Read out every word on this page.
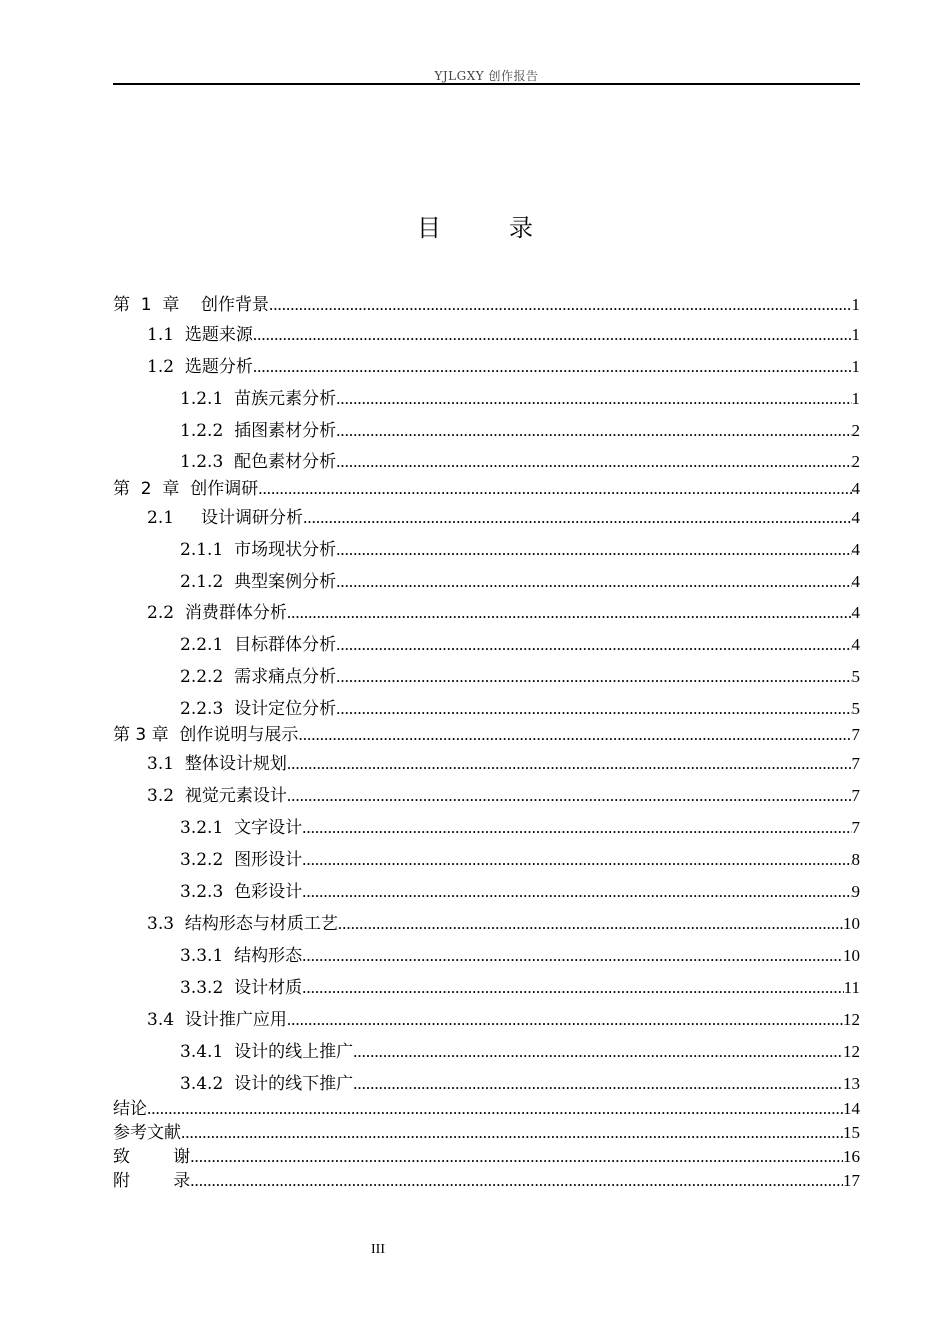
YJLGXY 创作报告
目　录
第  1  章    创作背景 .....	1
1.1  选题来源 .....	1
1.2  选题分析 .....	1
1.2.1  苗族元素分析 .....	1
1.2.2  插图素材分析 .....	2
1.2.3  配色素材分析 .....	2
第  2  章  创作调研 .....	4
2.1     设计调研分析 .....	4
2.1.1  市场现状分析 .....	4
2.1.2  典型案例分析 .....	4
2.2  消费群体分析 .....	4
2.2.1  目标群体分析 .....	4
2.2.2  需求痛点分析 .....	5
2.2.3  设计定位分析 .....	5
第 3 章  创作说明与展示 .....	7
3.1  整体设计规划 .....	7
3.2  视觉元素设计 .....	7
3.2.1  文字设计 .....	7
3.2.2  图形设计 .....	8
3.2.3  色彩设计 .....	9
3.3  结构形态与材质工艺 .....	10
3.3.1  结构形态 .....	10
3.3.2  设计材质 .....	11
3.4  设计推广应用 .....	12
3.4.1  设计的线上推广 .....	12
3.4.2  设计的线下推广 .....	13
结论 .....	14
参考文献 .....	15
致        谢 .....	16
附        录 .....	17
III
